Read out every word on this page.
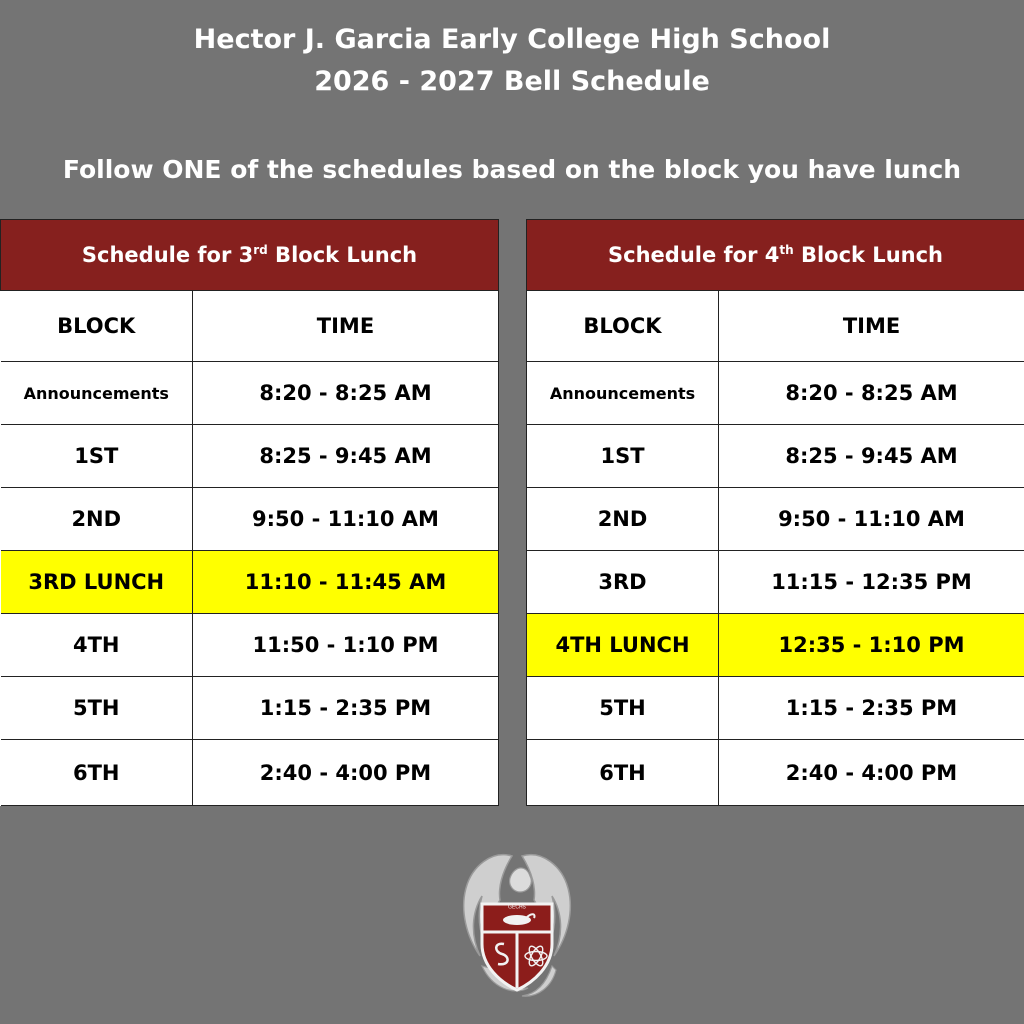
Hector J. Garcia Early College High School
2026 - 2027 Bell Schedule
Follow ONE of the schedules based on the block you have lunch
Schedule for 3rd Block Lunch	
BLOCK	TIME
Announcements	8:20 - 8:25 AM
1ST	8:25 - 9:45 AM
2ND	9:50 - 11:10 AM
3RD LUNCH	11:10 - 11:45 AM
4TH	11:50 - 1:10 PM
5TH	1:15 - 2:35 PM
6TH	2:40 - 4:00 PM
Schedule for 4th Block Lunch	
BLOCK	TIME
Announcements	8:20 - 8:25 AM
1ST	8:25 - 9:45 AM
2ND	9:50 - 11:10 AM
3RD	11:15 - 12:35 PM
4TH LUNCH	12:35 - 1:10 PM
5TH	1:15 - 2:35 PM
6TH	2:40 - 4:00 PM
GECHS
